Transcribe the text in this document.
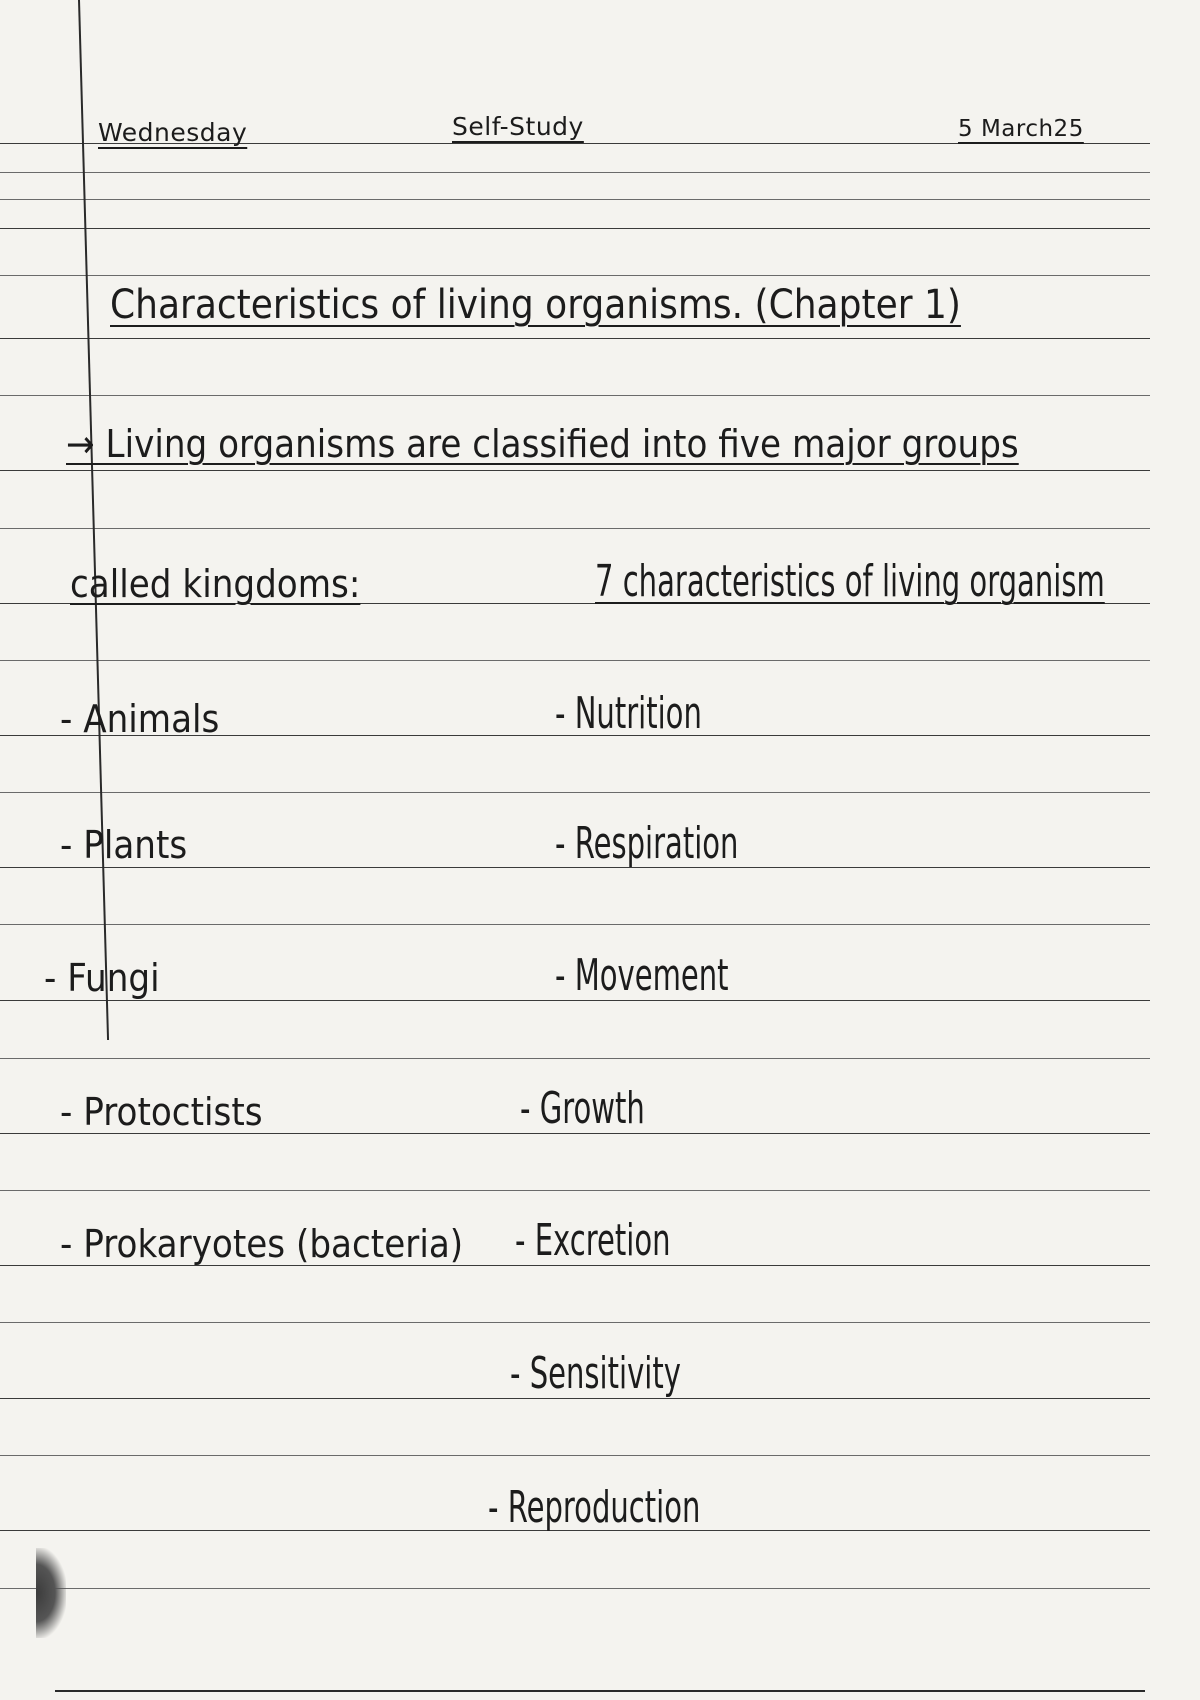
Wednesday	Self-Study	5 March25
Characteristics of living organisms. (Chapter 1)
→ Living organisms are classified into five major groups
called kingdoms:	7 characteristics of living organism
- Animals
- Plants
- Fungi
- Protoctists
- Prokaryotes (bacteria)
- Nutrition
- Respiration
- Movement
- Growth
- Excretion
- Sensitivity
- Reproduction
